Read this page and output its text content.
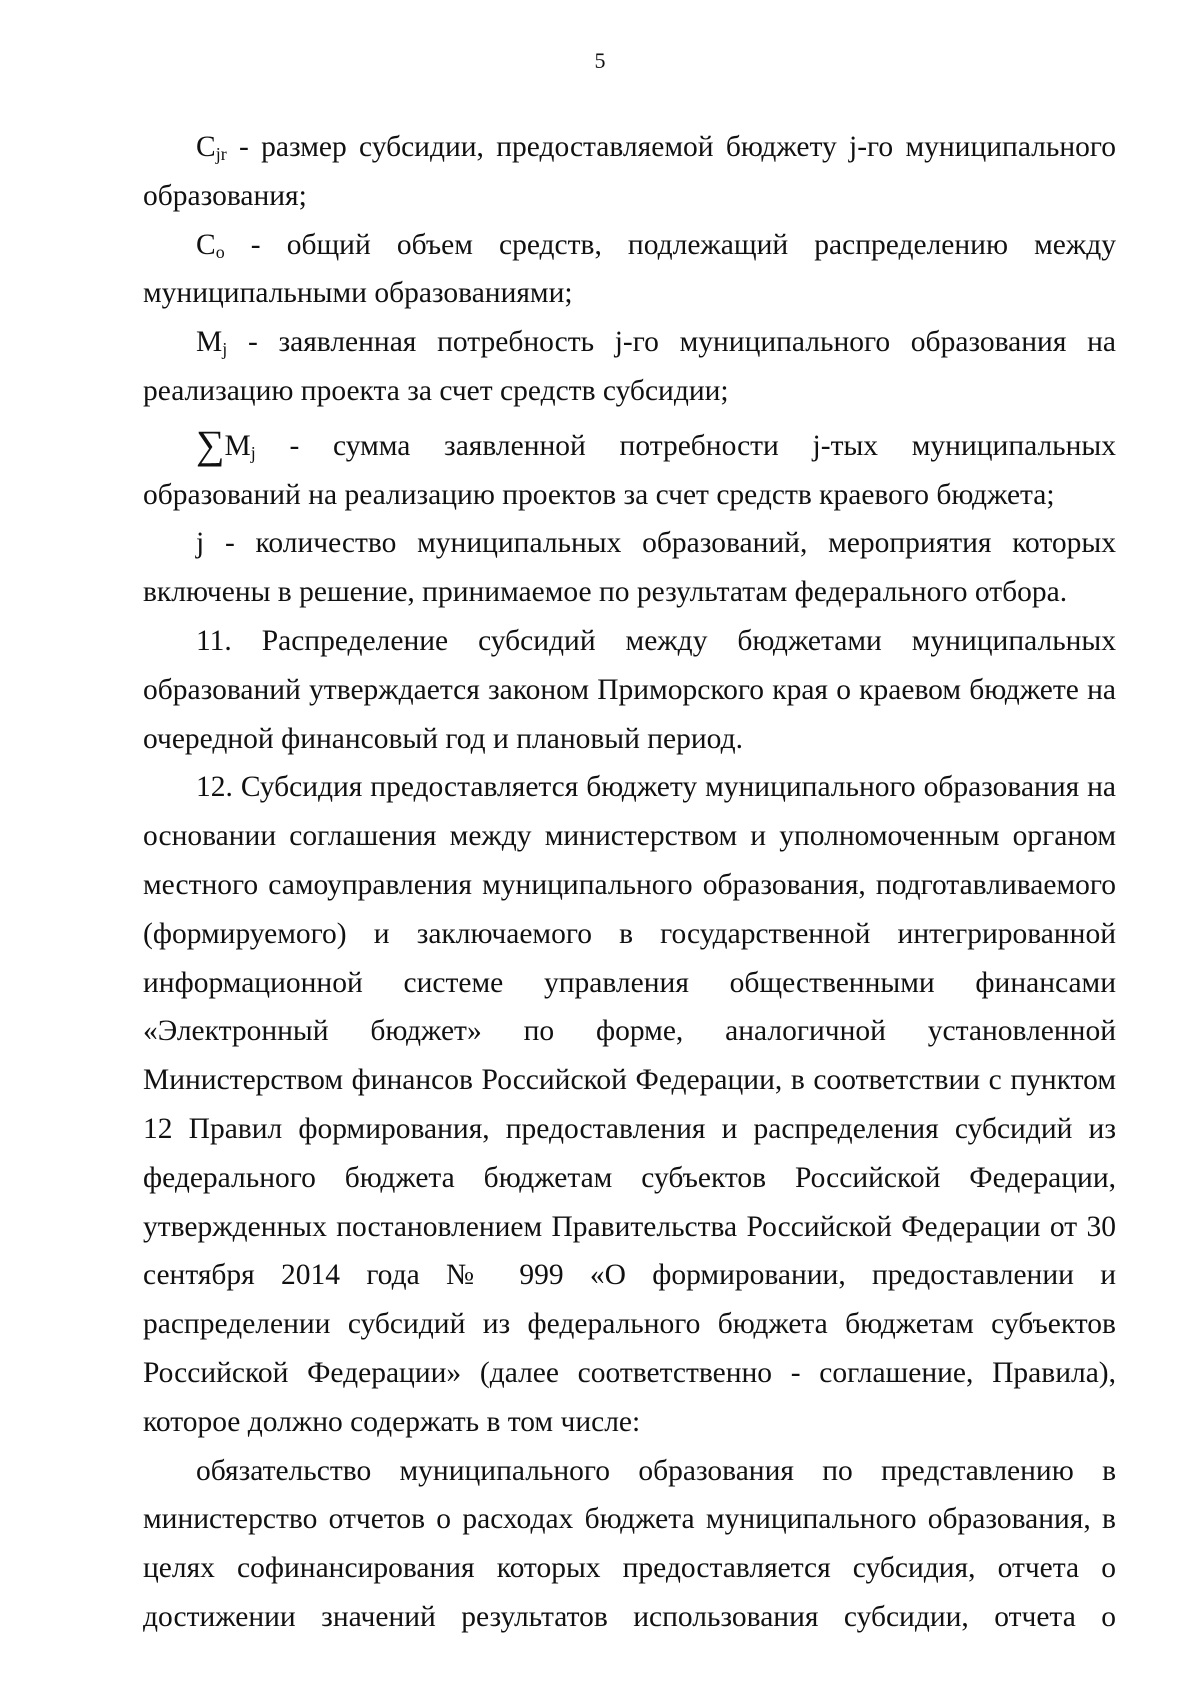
5

$C_{jr}$ - размер субсидии, предоставляемой бюджету j-го муниципального образования;

$C_o$ - общий объем средств, подлежащий распределению между муниципальными образованиями;

$M_j$ - заявленная потребность j-го муниципального образования на реализацию проекта за счет средств субсидии;

$\sum M_j$ - сумма заявленной потребности j-тых муниципальных образований на реализацию проектов за счет средств краевого бюджета;

j - количество муниципальных образований, мероприятия которых включены в решение, принимаемое по результатам федерального отбора.

11. Распределение субсидий между бюджетами муниципальных образований утверждается законом Приморского края о краевом бюджете на очередной финансовый год и плановый период.

12. Субсидия предоставляется бюджету муниципального образования на основании соглашения между министерством и уполномоченным органом местного самоуправления муниципального образования, подготавливаемого (формируемого) и заключаемого в государственной интегрированной информационной системе управления общественными финансами «Электронный бюджет» по форме, аналогичной установленной Министерством финансов Российской Федерации, в соответствии с пунктом 12 Правил формирования, предоставления и распределения субсидий из федерального бюджета бюджетам субъектов Российской Федерации, утвержденных постановлением Правительства Российской Федерации от 30 сентября 2014 года № 999 «О формировании, предоставлении и распределении субсидий из федерального бюджета бюджетам субъектов Российской Федерации» (далее соответственно - соглашение, Правила), которое должно содержать в том числе:

обязательство муниципального образования по представлению в министерство отчетов о расходах бюджета муниципального образования, в целях софинансирования которых предоставляется субсидия, отчета о достижении значений результатов использования субсидии, отчета о
